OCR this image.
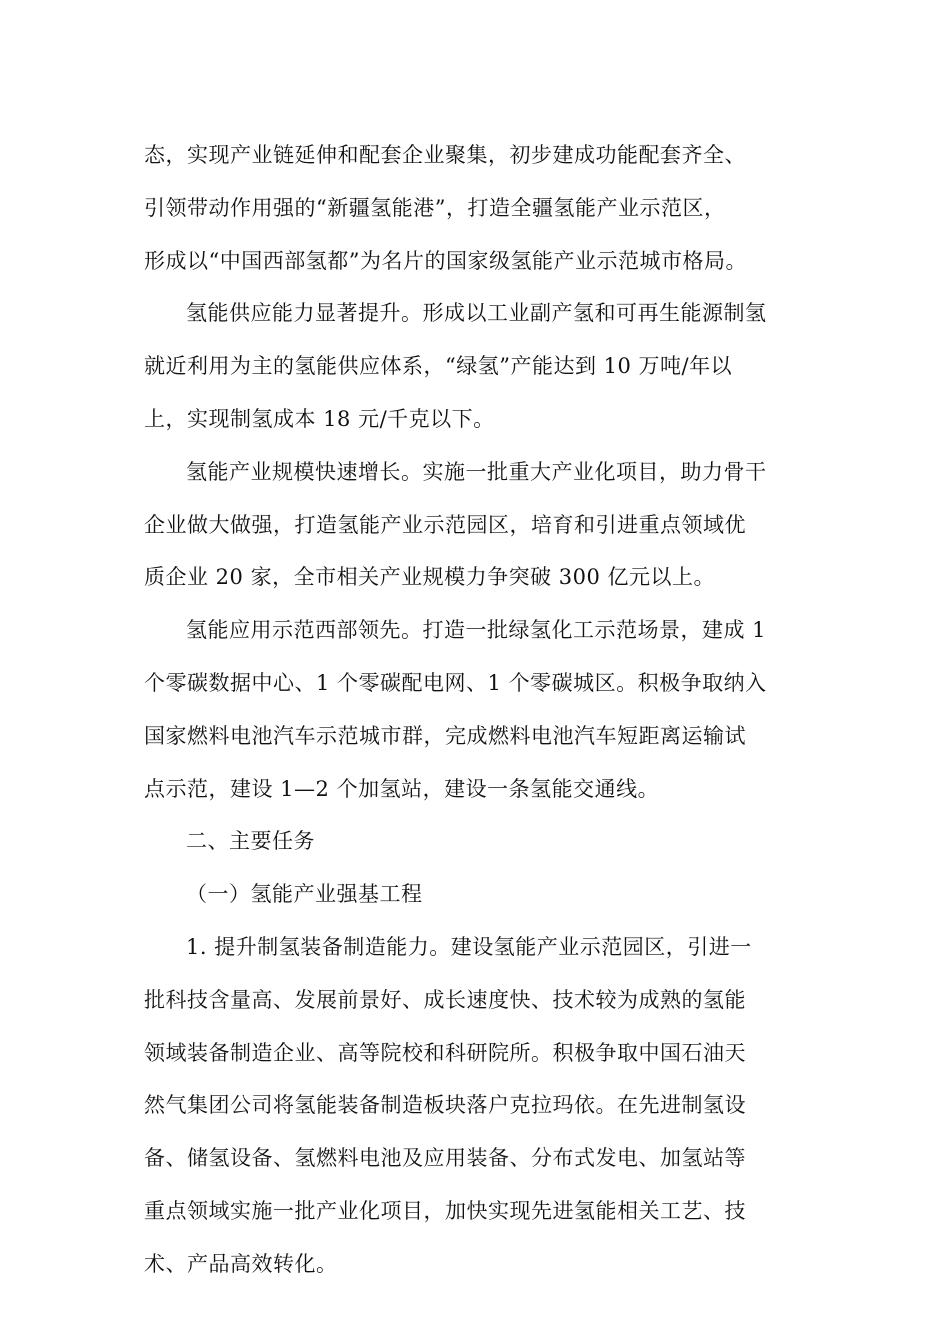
态，实现产业链延伸和配套企业聚集，初步建成功能配套齐全、
引领带动作用强的“新疆氢能港”，打造全疆氢能产业示范区，
形成以“中国西部氢都”为名片的国家级氢能产业示范城市格局。

氢能供应能力显著提升。形成以工业副产氢和可再生能源制氢
就近利用为主的氢能供应体系，“绿氢”产能达到 10 万吨/年以
上，实现制氢成本 18 元/千克以下。

氢能产业规模快速增长。实施一批重大产业化项目，助力骨干
企业做大做强，打造氢能产业示范园区，培育和引进重点领域优
质企业 20 家，全市相关产业规模力争突破 300 亿元以上。

氢能应用示范西部领先。打造一批绿氢化工示范场景，建成 1
个零碳数据中心、1 个零碳配电网、1 个零碳城区。积极争取纳入
国家燃料电池汽车示范城市群，完成燃料电池汽车短距离运输试
点示范，建设 1—2 个加氢站，建设一条氢能交通线。

二、主要任务

（一）氢能产业强基工程

1. 提升制氢装备制造能力。建设氢能产业示范园区，引进一
批科技含量高、发展前景好、成长速度快、技术较为成熟的氢能
领域装备制造企业、高等院校和科研院所。积极争取中国石油天
然气集团公司将氢能装备制造板块落户克拉玛依。在先进制氢设
备、储氢设备、氢燃料电池及应用装备、分布式发电、加氢站等
重点领域实施一批产业化项目，加快实现先进氢能相关工艺、技
术、产品高效转化。
